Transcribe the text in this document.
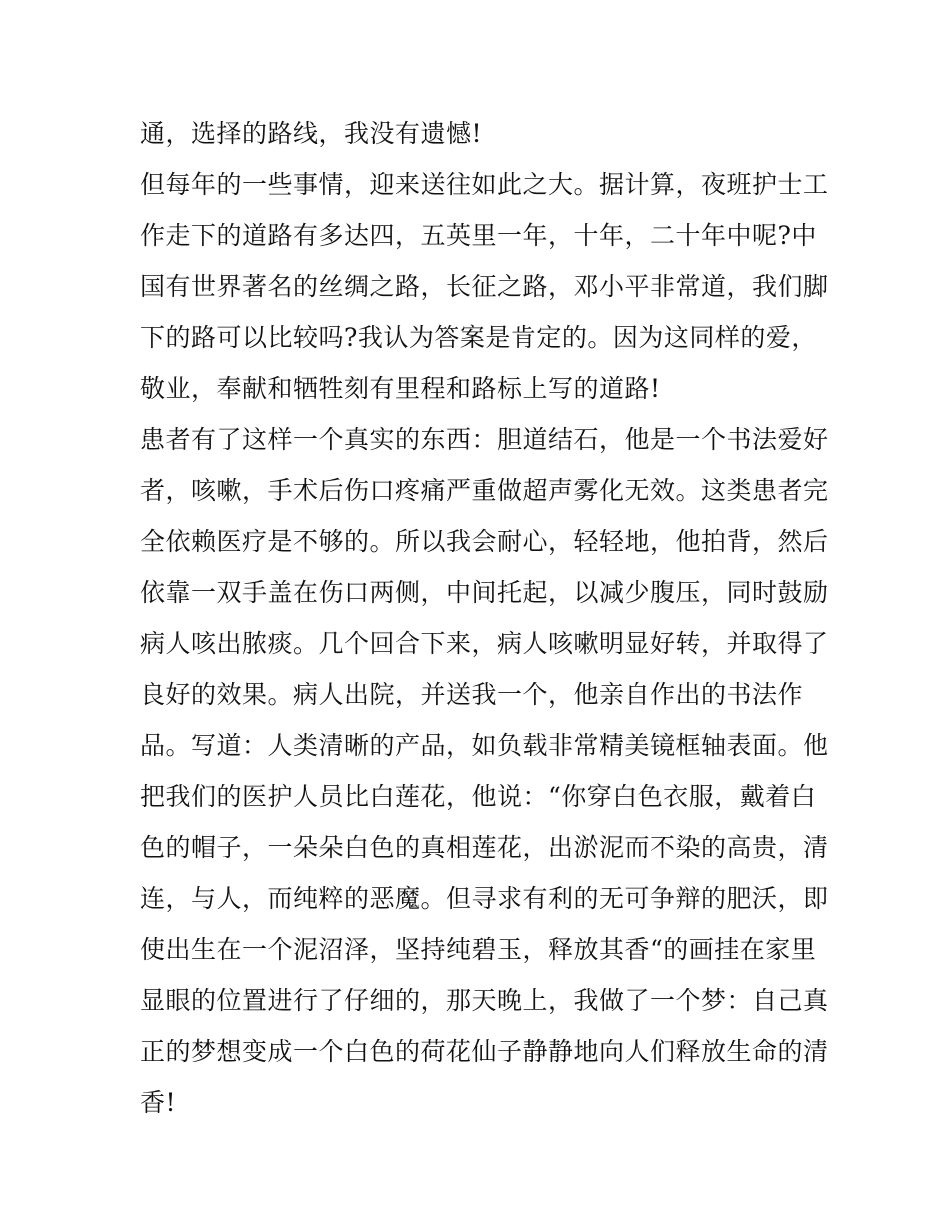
通，选择的路线，我没有遗憾!
但每年的一些事情，迎来送往如此之大。据计算，夜班护士工
作走下的道路有多达四，五英里一年，十年，二十年中呢?中
国有世界著名的丝绸之路，长征之路，邓小平非常道，我们脚
下的路可以比较吗?我认为答案是肯定的。因为这同样的爱，
敬业，奉献和牺牲刻有里程和路标上写的道路!
患者有了这样一个真实的东西：胆道结石，他是一个书法爱好
者，咳嗽，手术后伤口疼痛严重做超声雾化无效。这类患者完
全依赖医疗是不够的。所以我会耐心，轻轻地，他拍背，然后
依靠一双手盖在伤口两侧，中间托起，以减少腹压，同时鼓励
病人咳出脓痰。几个回合下来，病人咳嗽明显好转，并取得了
良好的效果。病人出院，并送我一个，他亲自作出的书法作
品。写道：人类清晰的产品，如负载非常精美镜框轴表面。他
把我们的医护人员比白莲花，他说：“你穿白色衣服，戴着白
色的帽子，一朵朵白色的真相莲花，出淤泥而不染的高贵，清
连，与人，而纯粹的恶魔。但寻求有利的无可争辩的肥沃，即
使出生在一个泥沼泽，坚持纯碧玉，释放其香“的画挂在家里
显眼的位置进行了仔细的，那天晚上，我做了一个梦：自己真
正的梦想变成一个白色的荷花仙子静静地向人们释放生命的清
香!
